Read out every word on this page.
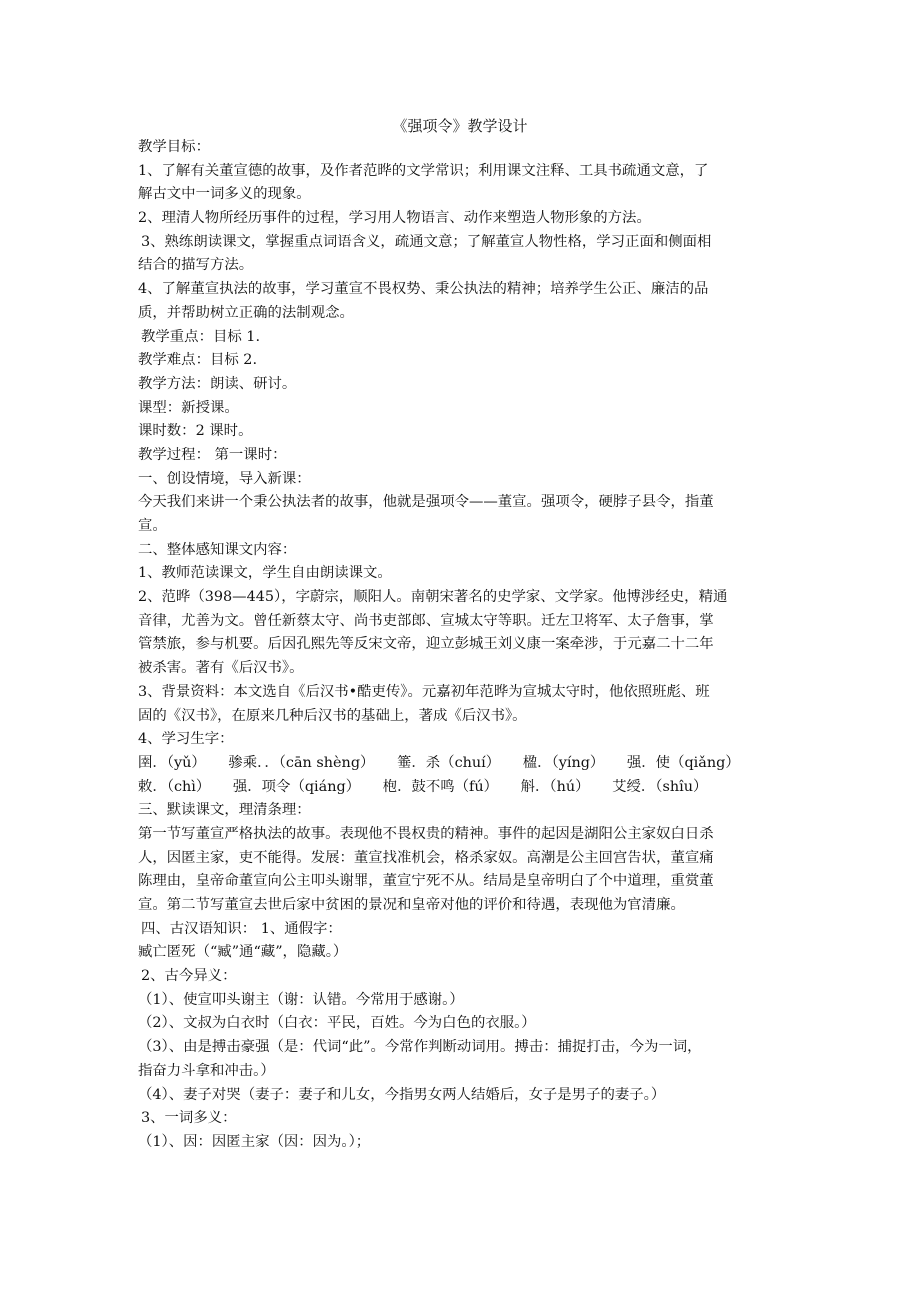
《强项令》教学设计
教学目标：
1、了解有关董宣德的故事，及作者范晔的文学常识；利用课文注释、工具书疏通文意，了
解古文中一词多义的现象。
2、理清人物所经历事件的过程，学习用人物语言、动作来塑造人物形象的方法。
3、熟练朗读课文，掌握重点词语含义，疏通文意；了解董宣人物性格，学习正面和侧面相
结合的描写方法。
4、了解董宣执法的故事，学习董宣不畏权势、秉公执法的精神；培养学生公正、廉洁的品
质，并帮助树立正确的法制观念。
教学重点：目标 1.
教学难点：目标 2.
教学方法：朗读、研讨。
课型：新授课。
课时数：2 课时。
教学过程： 第一课时：
一、创设情境，导入新课：
今天我们来讲一个秉公执法者的故事，他就是强项令——董宣。强项令，硬脖子县令，指董
宣。
二、整体感知课文内容：
1、教师范读课文，学生自由朗读课文。
2、范晔（398—445），字蔚宗，顺阳人。南朝宋著名的史学家、文学家。他博涉经史，精通
音律，尤善为文。曾任新蔡太守、尚书吏部郎、宣城太守等职。迁左卫将军、太子詹事，掌
管禁旅，参与机要。后因孔熙先等反宋文帝，迎立彭城王刘义康一案牵涉，于元嘉二十二年
被杀害。著有《后汉书》。
3、背景资料：本文选自《后汉书•酷吏传》。元嘉初年范晔为宣城太守时，他依照班彪、班
固的《汉书》，在原来几种后汉书的基础上，著成《后汉书》。
4、学习生字：
圉．（yǔ） 骖乘．．（cān shèng） 箠．杀（chuí） 楹．（yíng） 强．使（qiǎng）
敕．（chì） 强．项令（qiáng） 枹．鼓不鸣（fú） 斛．（hú） 艾绶．（shîu）
三、默读课文，理清条理：
第一节写董宣严格执法的故事。表现他不畏权贵的精神。事件的起因是湖阳公主家奴白日杀
人，因匿主家，吏不能得。发展：董宣找准机会，格杀家奴。高潮是公主回宫告状，董宣痛
陈理由，皇帝命董宣向公主叩头谢罪，董宣宁死不从。结局是皇帝明白了个中道理，重赏董
宣。第二节写董宣去世后家中贫困的景况和皇帝对他的评价和待遇，表现他为官清廉。
四、古汉语知识： 1、通假字：
臧亡匿死（“臧”通“藏”，隐藏。）
2、古今异义：
（1）、使宣叩头谢主（谢：认错。今常用于感谢。）
（2）、文叔为白衣时（白衣：平民，百姓。今为白色的衣服。）
（3）、由是搏击豪强（是：代词“此”。今常作判断动词用。搏击：捕捉打击，今为一词，
指奋力斗拿和冲击。）
（4）、妻子对哭（妻子：妻子和儿女，今指男女两人结婚后，女子是男子的妻子。）
3、一词多义：
（1）、因：因匿主家（因：因为。）；
